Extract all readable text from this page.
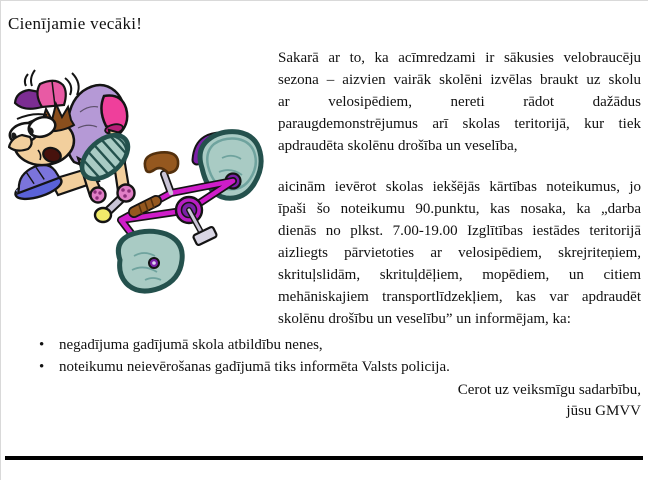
Cienījamie vecāki!
Sakarā ar to, ka acīmredzami ir sākusies velobraucēju
sezona – aizvien vairāk skolēni izvēlas braukt uz skolu
ar velosipēdiem, nereti rādot dažādus
paraugdemonstrējumus arī skolas teritorijā, kur tiek
apdraudēta skolēnu drošība un veselība,
aicinām ievērot skolas iekšējās kārtības noteikumus, jo
īpaši šo noteikumu 90.punktu, kas nosaka, ka „darba
dienās no plkst. 7.00-19.00 Izglītības iestādes teritorijā
aizliegts pārvietoties ar velosipēdiem, skrejriteņiem,
skrituļslidām, skrituļdēļiem, mopēdiem, un citiem
mehāniskajiem transportlīdzekļiem, kas var apdraudēt
skolēnu drošību un veselību” un informējam, ka:
• negadījuma gadījumā skola atbildību nenes,
• noteikumu neievērošanas gadījumā tiks informēta Valsts policija.
Cerot uz veiksmīgu sadarbību,
jūsu GMVV
